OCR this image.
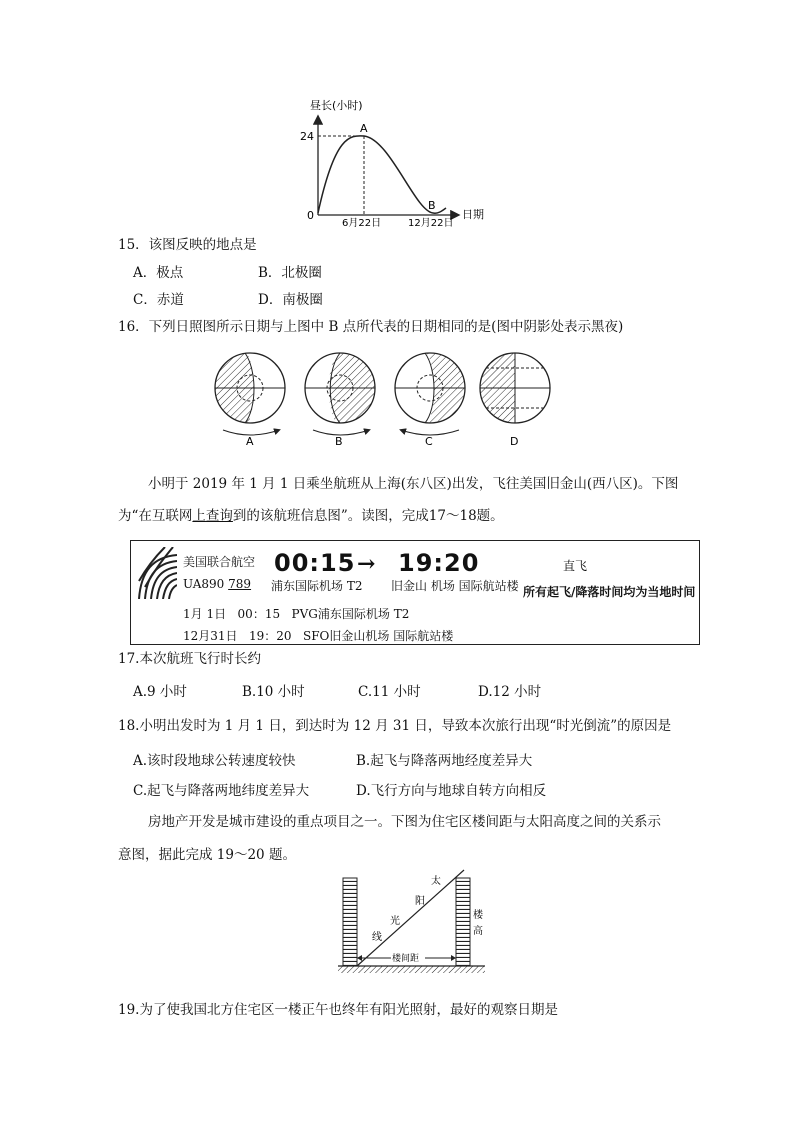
昼长(小时)
24
0
A
B
6月22日	12月22日
日期
15．该图反映的地点是
A．极点	B．北极圈
C．赤道	D．南极圈
16．下列日照图所示日期与上图中 B 点所代表的日期相同的是(图中阴影处表示黑夜)
A	B	C	D
小明于 2019 年 1 月 1 日乘坐航班从上海(东八区)出发，飞往美国旧金山(西八区)。下图
为“在互联网上查询到的该航班信息图”。读图，完成17～18题。
美国联合航空
UA890 789
00:15 → 19:20
浦东国际机场 T2 旧金山 机场 国际航站楼
直飞
所有起飞/降落时间均为当地时间
1月 1日 00：15 PVG浦东国际机场 T2
12月31日 19：20 SFO旧金山机场 国际航站楼
17.本次航班飞行时长约
A.9 小时	B.10 小时	C.11 小时	D.12 小时
18.小明出发时为 1 月 1 日，到达时为 12 月 31 日，导致本次旅行出现“时光倒流”的原因是
A.该时段地球公转速度较快	B.起飞与降落两地经度差异大
C.起飞与降落两地纬度差异大	D.飞行方向与地球自转方向相反
房地产开发是城市建设的重点项目之一。下图为住宅区楼间距与太阳高度之间的关系示
意图，据此完成 19～20 题。
太
阳
光
线
楼
高
楼间距
19.为了使我国北方住宅区一楼正午也终年有阳光照射，最好的观察日期是
